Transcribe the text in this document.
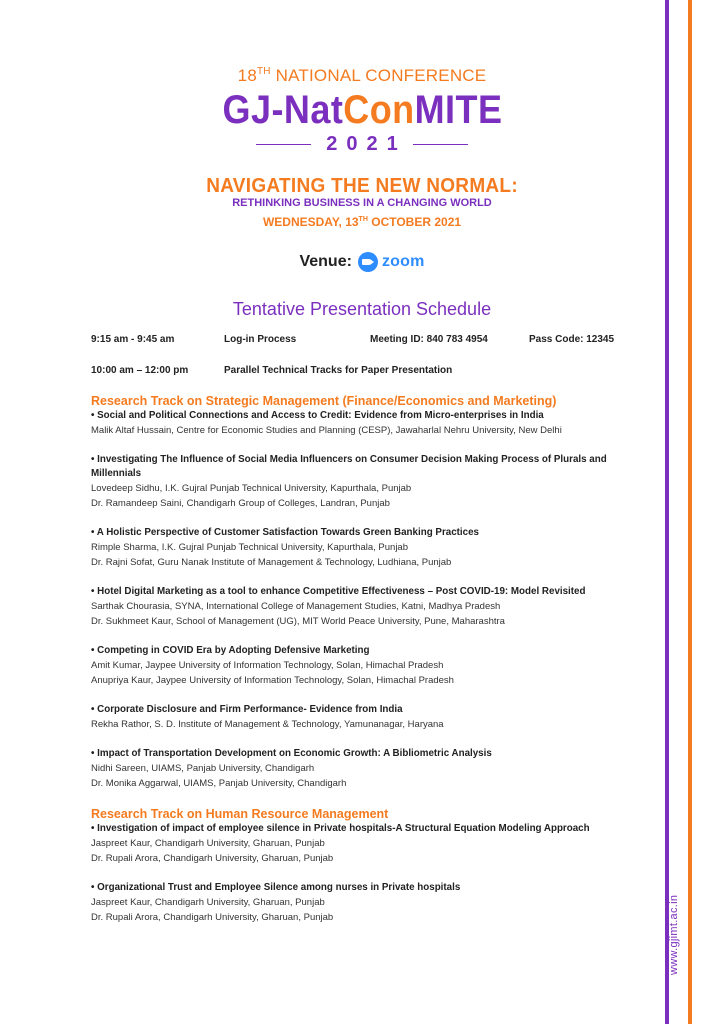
www.gjimt.ac.in
18TH NATIONAL CONFERENCE
GJ-NatConMITE
2021
NAVIGATING THE NEW NORMAL:
RETHINKING BUSINESS IN A CHANGING WORLD
WEDNESDAY, 13TH OCTOBER 2021
Venue: zoom
Tentative Presentation Schedule
9:15 am - 9:45 am	Log-in Process	Meeting ID: 840 783 4954	Pass Code: 12345
10:00 am – 12:00 pm	Parallel Technical Tracks for Paper Presentation
Research Track on Strategic Management (Finance/Economics and Marketing)
• Social and Political Connections and Access to Credit: Evidence from Micro-enterprises in India
Malik Altaf Hussain, Centre for Economic Studies and Planning (CESP), Jawaharlal Nehru University, New Delhi
• Investigating The Influence of Social Media Influencers on Consumer Decision Making Process of Plurals and Millennials
Lovedeep Sidhu, I.K. Gujral Punjab Technical University, Kapurthala, Punjab
Dr. Ramandeep Saini, Chandigarh Group of Colleges, Landran, Punjab
• A Holistic Perspective of Customer Satisfaction Towards Green Banking Practices
Rimple Sharma, I.K. Gujral Punjab Technical University, Kapurthala, Punjab
Dr. Rajni Sofat, Guru Nanak Institute of Management & Technology, Ludhiana, Punjab
• Hotel Digital Marketing as a tool to enhance Competitive Effectiveness – Post COVID-19: Model Revisited
Sarthak Chourasia, SYNA, International College of Management Studies, Katni, Madhya Pradesh
Dr. Sukhmeet Kaur, School of Management (UG), MIT World Peace University, Pune, Maharashtra
• Competing in COVID Era by Adopting Defensive Marketing
Amit Kumar, Jaypee University of Information Technology, Solan, Himachal Pradesh
Anupriya Kaur, Jaypee University of Information Technology, Solan, Himachal Pradesh
• Corporate Disclosure and Firm Performance- Evidence from India
Rekha Rathor, S. D. Institute of Management & Technology, Yamunanagar, Haryana
• Impact of Transportation Development on Economic Growth: A Bibliometric Analysis
Nidhi Sareen, UIAMS, Panjab University, Chandigarh
Dr. Monika Aggarwal, UIAMS, Panjab University, Chandigarh
Research Track on Human Resource Management
• Investigation of impact of employee silence in Private hospitals-A Structural Equation Modeling Approach
Jaspreet Kaur, Chandigarh University, Gharuan, Punjab
Dr. Rupali Arora, Chandigarh University, Gharuan, Punjab
• Organizational Trust and Employee Silence among nurses in Private hospitals
Jaspreet Kaur, Chandigarh University, Gharuan, Punjab
Dr. Rupali Arora, Chandigarh University, Gharuan, Punjab
